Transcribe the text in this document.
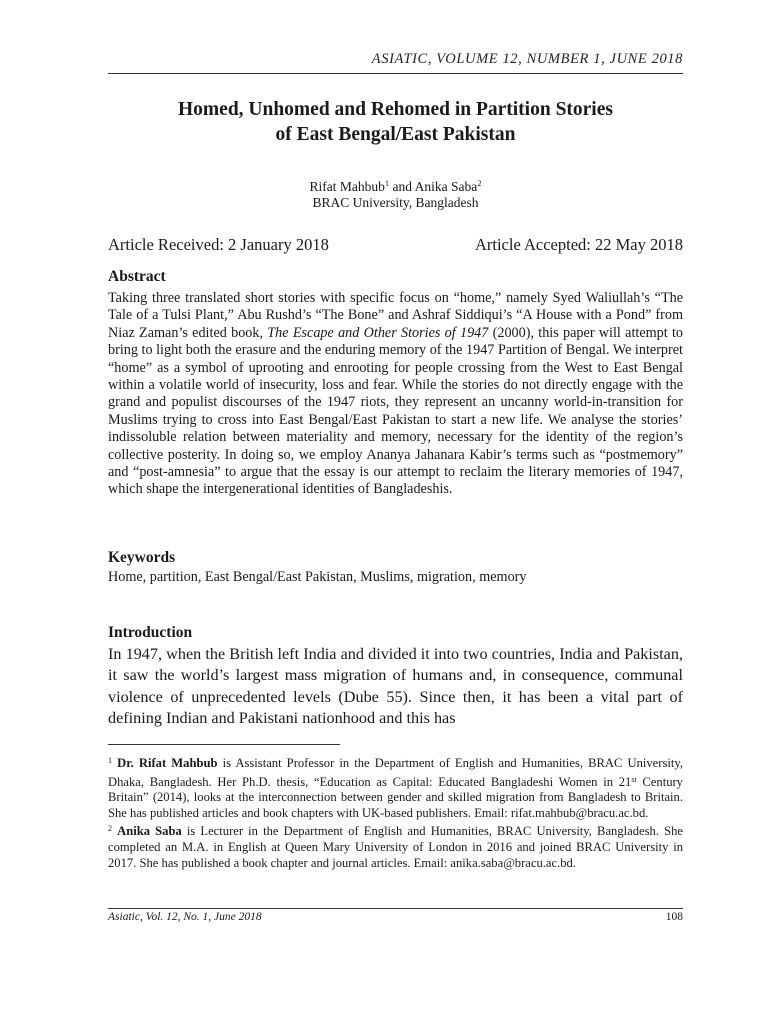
ASIATIC, VOLUME 12, NUMBER 1, JUNE 2018
Homed, Unhomed and Rehomed in Partition Stories
of East Bengal/East Pakistan
Rifat Mahbub$^1$ and Anika Saba$^2$
BRAC University, Bangladesh
Article Received: 2 January 2018	Article Accepted: 22 May 2018
Abstract
Taking three translated short stories with specific focus on “home,” namely Syed Waliullah’s “The Tale of a Tulsi Plant,” Abu Rushd’s “The Bone” and Ashraf Siddiqui’s “A House with a Pond” from Niaz Zaman’s edited book, The Escape and Other Stories of 1947 (2000), this paper will attempt to bring to light both the erasure and the enduring memory of the 1947 Partition of Bengal. We interpret “home” as a symbol of uprooting and enrooting for people crossing from the West to East Bengal within a volatile world of insecurity, loss and fear. While the stories do not directly engage with the grand and populist discourses of the 1947 riots, they represent an uncanny world-in-transition for Muslims trying to cross into East Bengal/East Pakistan to start a new life. We analyse the stories’ indissoluble relation between materiality and memory, necessary for the identity of the region’s collective posterity. In doing so, we employ Ananya Jahanara Kabir’s terms such as “postmemory” and “post-amnesia” to argue that the essay is our attempt to reclaim the literary memories of 1947, which shape the intergenerational identities of Bangladeshis.
Keywords
Home, partition, East Bengal/East Pakistan, Muslims, migration, memory
Introduction
In 1947, when the British left India and divided it into two countries, India and Pakistan, it saw the world’s largest mass migration of humans and, in consequence, communal violence of unprecedented levels (Dube 55). Since then, it has been a vital part of defining Indian and Pakistani nationhood and this has

$^1$ Dr. Rifat Mahbub is Assistant Professor in the Department of English and Humanities, BRAC University, Dhaka, Bangladesh. Her Ph.D. thesis, “Education as Capital: Educated Bangladeshi Women in 21st Century Britain” (2014), looks at the interconnection between gender and skilled migration from Bangladesh to Britain. She has published articles and book chapters with UK-based publishers. Email: rifat.mahbub@bracu.ac.bd.

$^2$ Anika Saba is Lecturer in the Department of English and Humanities, BRAC University, Bangladesh. She completed an M.A. in English at Queen Mary University of London in 2016 and joined BRAC University in 2017. She has published a book chapter and journal articles. Email: anika.saba@bracu.ac.bd.

Asiatic, Vol. 12, No. 1, June 2018	108
